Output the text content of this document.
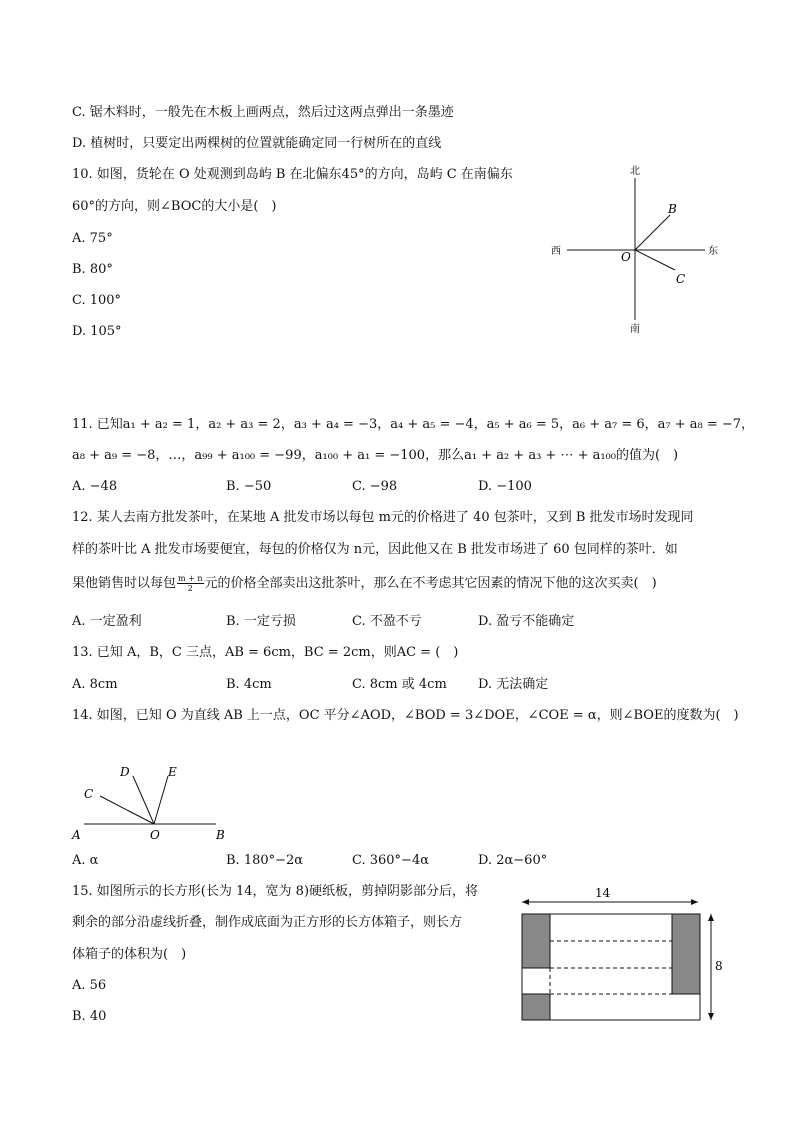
C. 锯木料时，一般先在木板上画两点，然后过这两点弹出一条墨迹
D. 植树时，只要定出两棵树的位置就能确定同一行树所在的直线
10. 如图，货轮在 O 处观测到岛屿 B 在北偏东45°的方向，岛屿 C 在南偏东
60°的方向，则∠BOC的大小是(　)
A. 75°
B. 80°
C. 100°
D. 105°
北
南
西	东
O
B
C
11. 已知a₁ + a₂ = 1，a₂ + a₃ = 2，a₃ + a₄ = −3，a₄ + a₅ = −4，a₅ + a₆ = 5，a₆ + a₇ = 6，a₇ + a₈ = −7，
a₈ + a₉ = −8，…，a₉₉ + a₁₀₀ = −99，a₁₀₀ + a₁ = −100，那么a₁ + a₂ + a₃ + ⋯ + a₁₀₀的值为(　)
A. −48	B. −50	C. −98	D. −100
12. 某人去南方批发茶叶，在某地 A 批发市场以每包 m元的价格进了 40 包茶叶，又到 B 批发市场时发现同
样的茶叶比 A 批发市场要便宜，每包的价格仅为 n元，因此他又在 B 批发市场进了 60 包同样的茶叶．如
果他销售时以每包 $\frac{m + n}{2}$ 元的价格全部卖出这批茶叶，那么在不考虑其它因素的情况下他的这次买卖(　)
A. 一定盈利	B. 一定亏损	C. 不盈不亏	D. 盈亏不能确定
13. 已知 A，B，C 三点，AB = 6cm，BC = 2cm，则AC = (　)
A. 8cm	B. 4cm	C. 8cm 或 4cm D. 无法确定
14. 如图，已知 O 为直线 AB 上一点，OC 平分∠AOD，∠BOD = 3∠DOE，∠COE = α，则∠BOE的度数为(　)
A	O	B
C
D	E
A. α	B. 180°−2α	C. 360°−4α	D. 2α−60°
15. 如图所示的长方形(长为 14，宽为 8)硬纸板，剪掉阴影部分后，将
剩余的部分沿虚线折叠，制作成底面为正方形的长方体箱子，则长方
体箱子的体积为(　)
A. 56
B. 40
14
8
